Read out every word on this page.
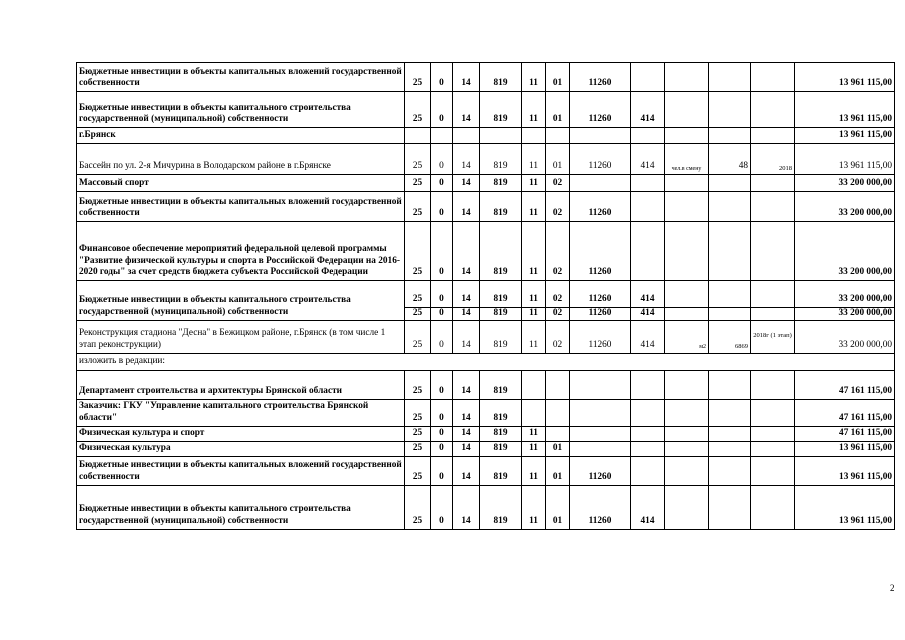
Бюджетные инвестиции в объекты капитальных вложений государственной собственности	25	0	14	819	11	01	11260					13 961 115,00
Бюджетные инвестиции в объекты капитального строительства государственной (муниципальной) собственности	25	0	14	819	11	01	11260	414				13 961 115,00
г.Брянск												13 961 115,00
Бассейн по ул. 2-я Мичурина в Володарском районе в г.Брянске	25	0	14	819	11	01	11260	414	чел.в смену	48	2018	13 961 115,00
Массовый спорт	25	0	14	819	11	02						33 200 000,00
Бюджетные инвестиции в объекты капитальных вложений государственной собственности	25	0	14	819	11	02	11260					33 200 000,00
Финансовое обеспечение мероприятий федеральной целевой программы "Развитие физической культуры и спорта в Российской Федерации на 2016-2020 годы" за счет средств бюджета субъекта Российской Федерации	25	0	14	819	11	02	11260					33 200 000,00
Бюджетные инвестиции в объекты капитального строительства государственной (муниципальной) собственности	25	0	14	819	11	02	11260	414				33 200 000,00
	25	0	14	819	11	02	11260	414				33 200 000,00
Реконструкция стадиона "Десна" в Бежицком районе, г.Брянск (в том числе 1 этап реконструкции)	25	0	14	819	11	02	11260	414	м2	6869	2018г (1 этап)	33 200 000,00
изложить в редакции:												
Департамент строительства и архитектуры Брянской области	25	0	14	819								47 161 115,00
Заказчик: ГКУ "Управление капитального строительства Брянской области"	25	0	14	819								47 161 115,00
Физическая культура и спорт	25	0	14	819	11							47 161 115,00
Физическая культура	25	0	14	819	11	01						13 961 115,00
Бюджетные инвестиции в объекты капитальных вложений государственной собственности	25	0	14	819	11	01	11260					13 961 115,00
Бюджетные инвестиции в объекты капитального строительства государственной (муниципальной) собственности	25	0	14	819	11	01	11260	414				13 961 115,00
2
